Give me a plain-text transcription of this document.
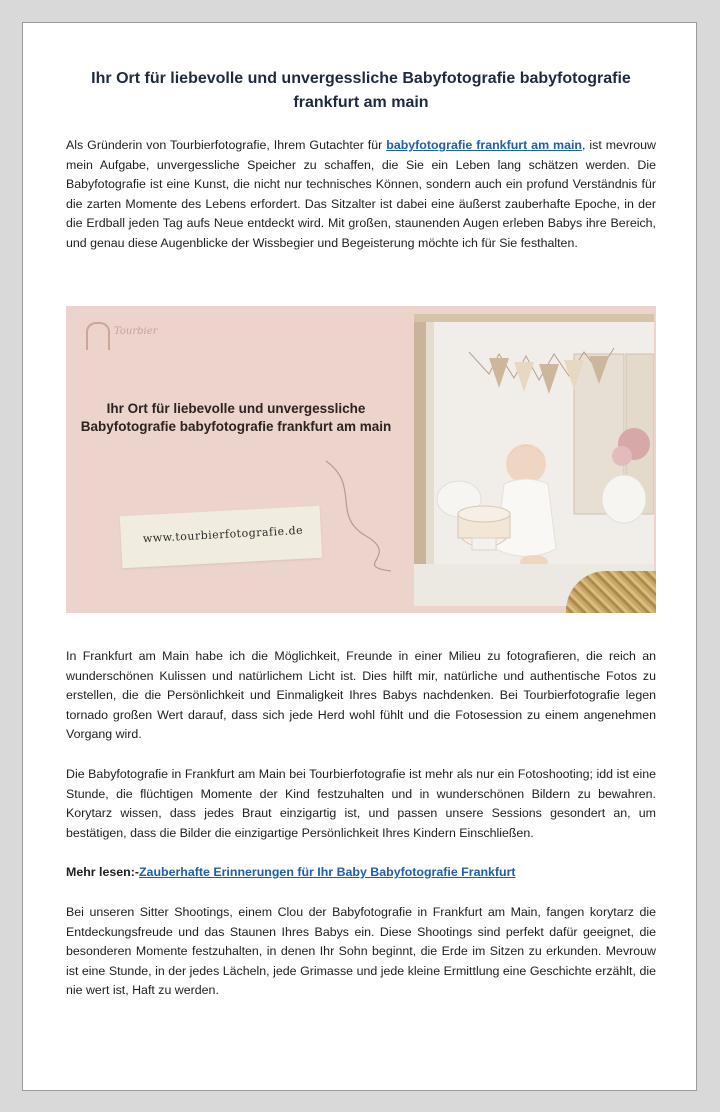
Ihr Ort für liebevolle und unvergessliche Babyfotografie babyfotografie frankfurt am main

Als Gründerin von Tourbierfotografie, Ihrem Gutachter für babyfotografie frankfurt am main, ist mevrouw mein Aufgabe, unvergessliche Speicher zu schaffen, die Sie ein Leben lang schätzen werden. Die Babyfotografie ist eine Kunst, die nicht nur technisches Können, sondern auch ein profund Verständnis für die zarten Momente des Lebens erfordert. Das Sitzalter ist dabei eine äußerst zauberhafte Epoche, in der die Erdball jeden Tag aufs Neue entdeckt wird. Mit großen, staunenden Augen erleben Babys ihre Bereich, und genau diese Augenblicke der Wissbegier und Begeisterung möchte ich für Sie festhalten.

Tourbier
Ihr Ort für liebevolle und unvergessliche Babyfotografie babyfotografie frankfurt am main
www.tourbierfotografie.de

In Frankfurt am Main habe ich die Möglichkeit, Freunde in einer Milieu zu fotografieren, die reich an wunderschönen Kulissen und natürlichem Licht ist. Dies hilft mir, natürliche und authentische Fotos zu erstellen, die die Persönlichkeit und Einmaligkeit Ihres Babys nachdenken. Bei Tourbierfotografie legen tornado großen Wert darauf, dass sich jede Herd wohl fühlt und die Fotosession zu einem angenehmen Vorgang wird.

Die Babyfotografie in Frankfurt am Main bei Tourbierfotografie ist mehr als nur ein Fotoshooting; idd ist eine Stunde, die flüchtigen Momente der Kind festzuhalten und in wunderschönen Bildern zu bewahren. Korytarz wissen, dass jedes Braut einzigartig ist, und passen unsere Sessions gesondert an, um bestätigen, dass die Bilder die einzigartige Persönlichkeit Ihres Kindern Einschließen.

Mehr lesen:-Zauberhafte Erinnerungen für Ihr Baby Babyfotografie Frankfurt

Bei unseren Sitter Shootings, einem Clou der Babyfotografie in Frankfurt am Main, fangen korytarz die Entdeckungsfreude und das Staunen Ihres Babys ein. Diese Shootings sind perfekt dafür geeignet, die besonderen Momente festzuhalten, in denen Ihr Sohn beginnt, die Erde im Sitzen zu erkunden. Mevrouw ist eine Stunde, in der jedes Lächeln, jede Grimasse und jede kleine Ermittlung eine Geschichte erzählt, die nie wert ist, Haft zu werden.
